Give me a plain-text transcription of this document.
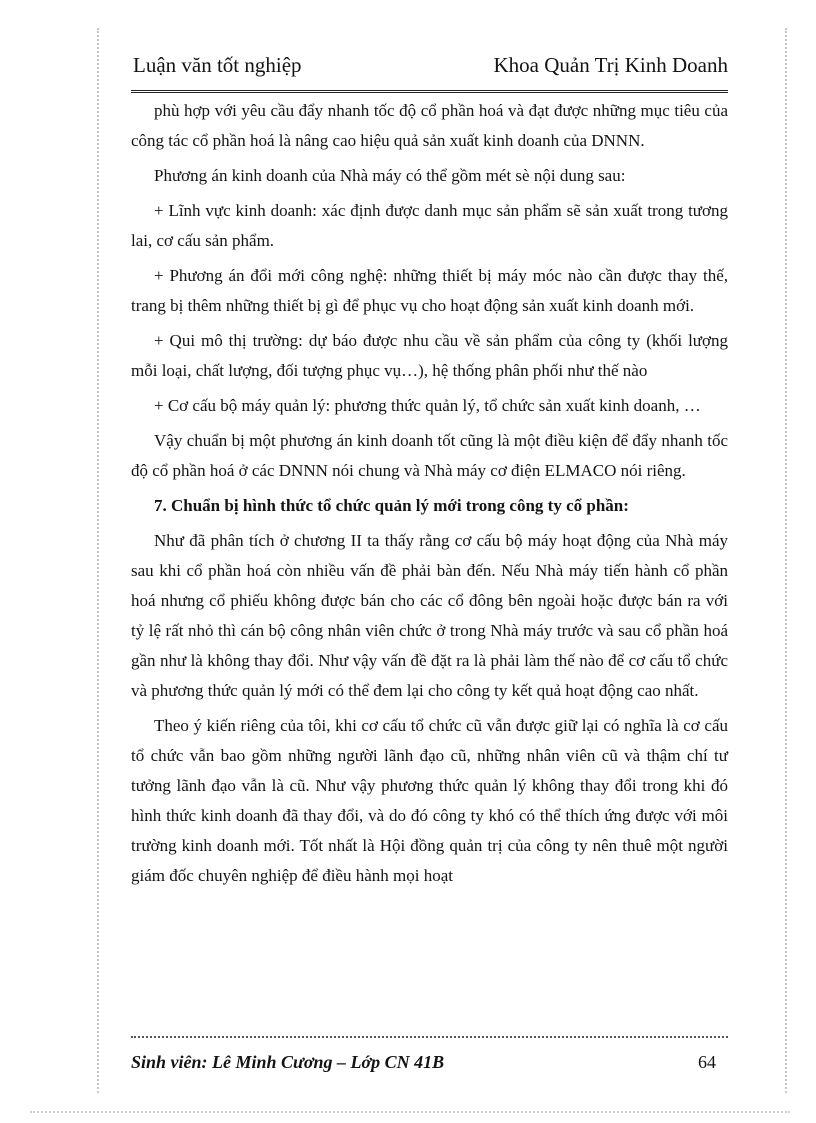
Luận văn tốt nghiệp	Khoa Quản Trị Kinh Doanh

phù hợp với yêu cầu đẩy nhanh tốc độ cổ phần hoá và đạt được những mục tiêu của công tác cổ phần hoá là nâng cao hiệu quả sản xuất kinh doanh của DNNN.

Phương án kinh doanh của Nhà máy có thể gồm mét sè nội dung sau:

+ Lĩnh vực kinh doanh: xác định được danh mục sản phẩm sẽ sản xuất trong tương lai, cơ cấu sản phẩm.

+ Phương án đổi mới công nghệ: những thiết bị máy móc nào cần được thay thế, trang bị thêm những thiết bị gì để phục vụ cho hoạt động sản xuất kinh doanh mới.

+ Qui mô thị trường: dự báo được nhu cầu về sản phẩm của công ty (khối lượng mỗi loại, chất lượng, đối tượng phục vụ…), hệ thống phân phối như thế nào

+ Cơ cấu bộ máy quản lý: phương thức quản lý, tổ chức sản xuất kinh doanh, …

Vậy chuẩn bị một phương án kinh doanh tốt cũng là một điều kiện để đẩy nhanh tốc độ cổ phần hoá ở các DNNN nói chung và Nhà máy cơ điện ELMACO nói riêng.

7. Chuẩn bị hình thức tổ chức quản lý mới trong công ty cổ phần:

Như đã phân tích ở chương II ta thấy rằng cơ cấu bộ máy hoạt động của Nhà máy sau khi cổ phần hoá còn nhiều vấn đề phải bàn đến. Nếu Nhà máy tiến hành cổ phần hoá nhưng cổ phiếu không được bán cho các cổ đông bên ngoài hoặc được bán ra với tỷ lệ rất nhỏ thì cán bộ công nhân viên chức ở trong Nhà máy trước và sau cổ phần hoá gần như là không thay đổi. Như vậy vấn đề đặt ra là phải làm thế nào để cơ cấu tổ chức và phương thức quản lý mới có thể đem lại cho công ty kết quả hoạt động cao nhất.

Theo ý kiến riêng của tôi, khi cơ cấu tổ chức cũ vẫn được giữ lại có nghĩa là cơ cấu tổ chức vẫn bao gồm những người lãnh đạo cũ, những nhân viên cũ và thậm chí tư tưởng lãnh đạo vẫn là cũ. Như vậy phương thức quản lý không thay đổi trong khi đó hình thức kinh doanh đã thay đổi, và do đó công ty khó có thể thích ứng được với môi trường kinh doanh mới. Tốt nhất là Hội đồng quản trị của công ty nên thuê một người giám đốc chuyên nghiệp để điều hành mọi hoạt

Sinh viên: Lê Minh Cương – Lớp CN 41B	64
